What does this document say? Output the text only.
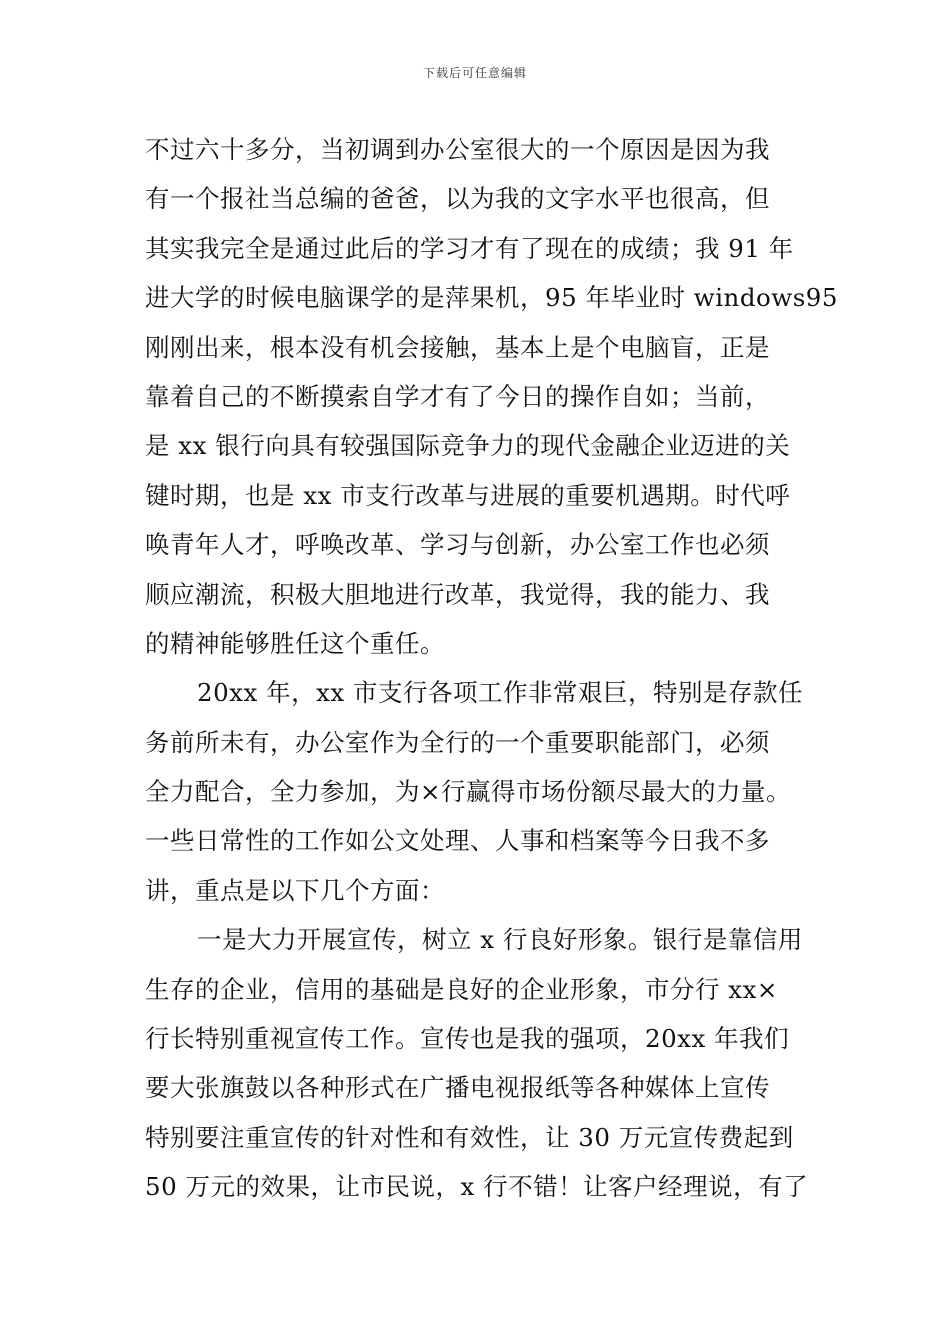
下载后可任意编辑
不过六十多分，当初调到办公室很大的一个原因是因为我
有一个报社当总编的爸爸，以为我的文字水平也很高，但
其实我完全是通过此后的学习才有了现在的成绩；我 91 年
进大学的时候电脑课学的是萍果机，95 年毕业时 windows95
刚刚出来，根本没有机会接触，基本上是个电脑盲，正是
靠着自己的不断摸索自学才有了今日的操作自如；当前，
是 xx 银行向具有较强国际竞争力的现代金融企业迈进的关
键时期，也是 xx 市支行改革与进展的重要机遇期。时代呼
唤青年人才，呼唤改革、学习与创新，办公室工作也必须
顺应潮流，积极大胆地进行改革，我觉得，我的能力、我
的精神能够胜任这个重任。
20xx 年，xx 市支行各项工作非常艰巨，特别是存款任
务前所未有，办公室作为全行的一个重要职能部门，必须
全力配合，全力参加，为×行赢得市场份额尽最大的力量。
一些日常性的工作如公文处理、人事和档案等今日我不多
讲，重点是以下几个方面：
一是大力开展宣传，树立 x 行良好形象。银行是靠信用
生存的企业，信用的基础是良好的企业形象，市分行 xx×
行长特别重视宣传工作。宣传也是我的强项，20xx 年我们
要大张旗鼓以各种形式在广播电视报纸等各种媒体上宣传
特别要注重宣传的针对性和有效性，让 30 万元宣传费起到
50 万元的效果，让市民说，x 行不错！让客户经理说，有了
